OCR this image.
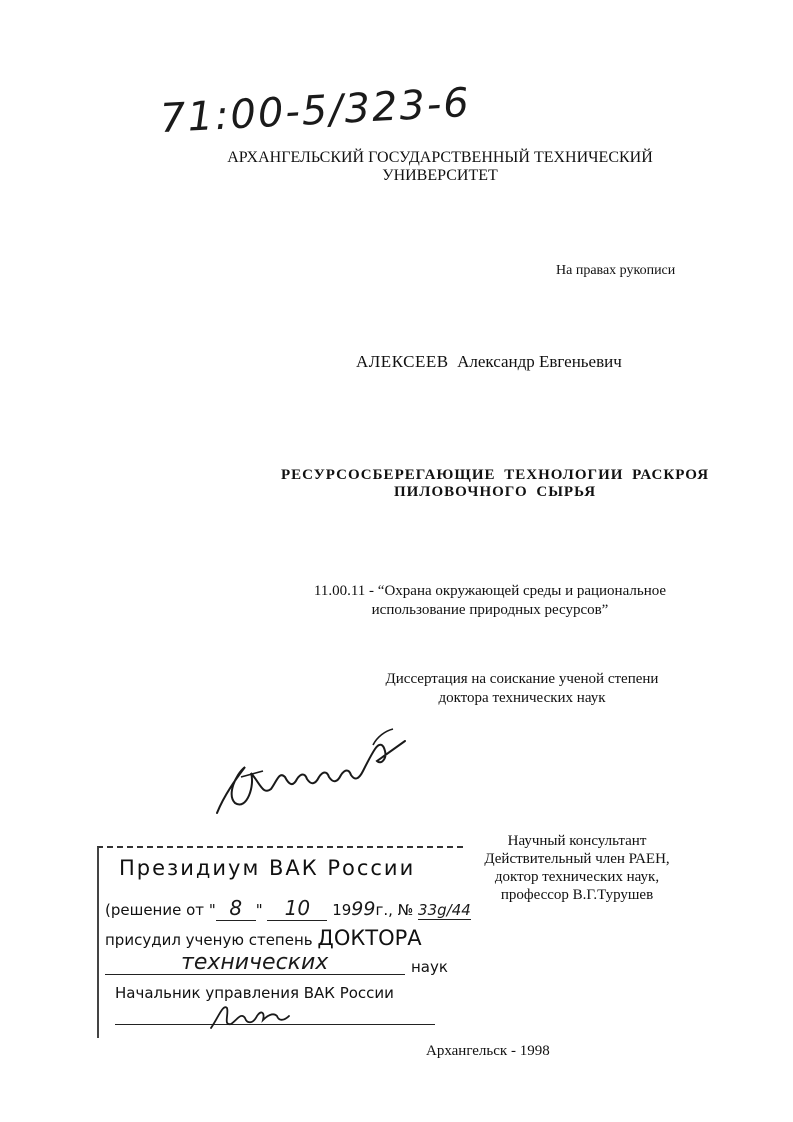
71:00-5/323-6
АРХАНГЕЛЬСКИЙ ГОСУДАРСТВЕННЫЙ ТЕХНИЧЕСКИЙ
УНИВЕРСИТЕТ
На правах рукописи
АЛЕКСЕЕВ Александр Евгеньевич
РЕСУРСОСБЕРЕГАЮЩИЕ ТЕХНОЛОГИИ РАСКРОЯ
ПИЛОВОЧНОГО СЫРЬЯ
11.00.11 - “Охрана окружающей среды и рациональное
использование природных ресурсов”
Диссертация на соискание ученой степени
доктора технических наук
Научный консультант
Действительный член РАЕН,
доктор технических наук,
профессор В.Г.Турушев
Президиум ВАК России
(решение от " 8 " 10 1999г., № 33g/44
присудил ученую степень ДОКТОРА
технических	наук
Начальник управления ВАК России
Архангельск - 1998
